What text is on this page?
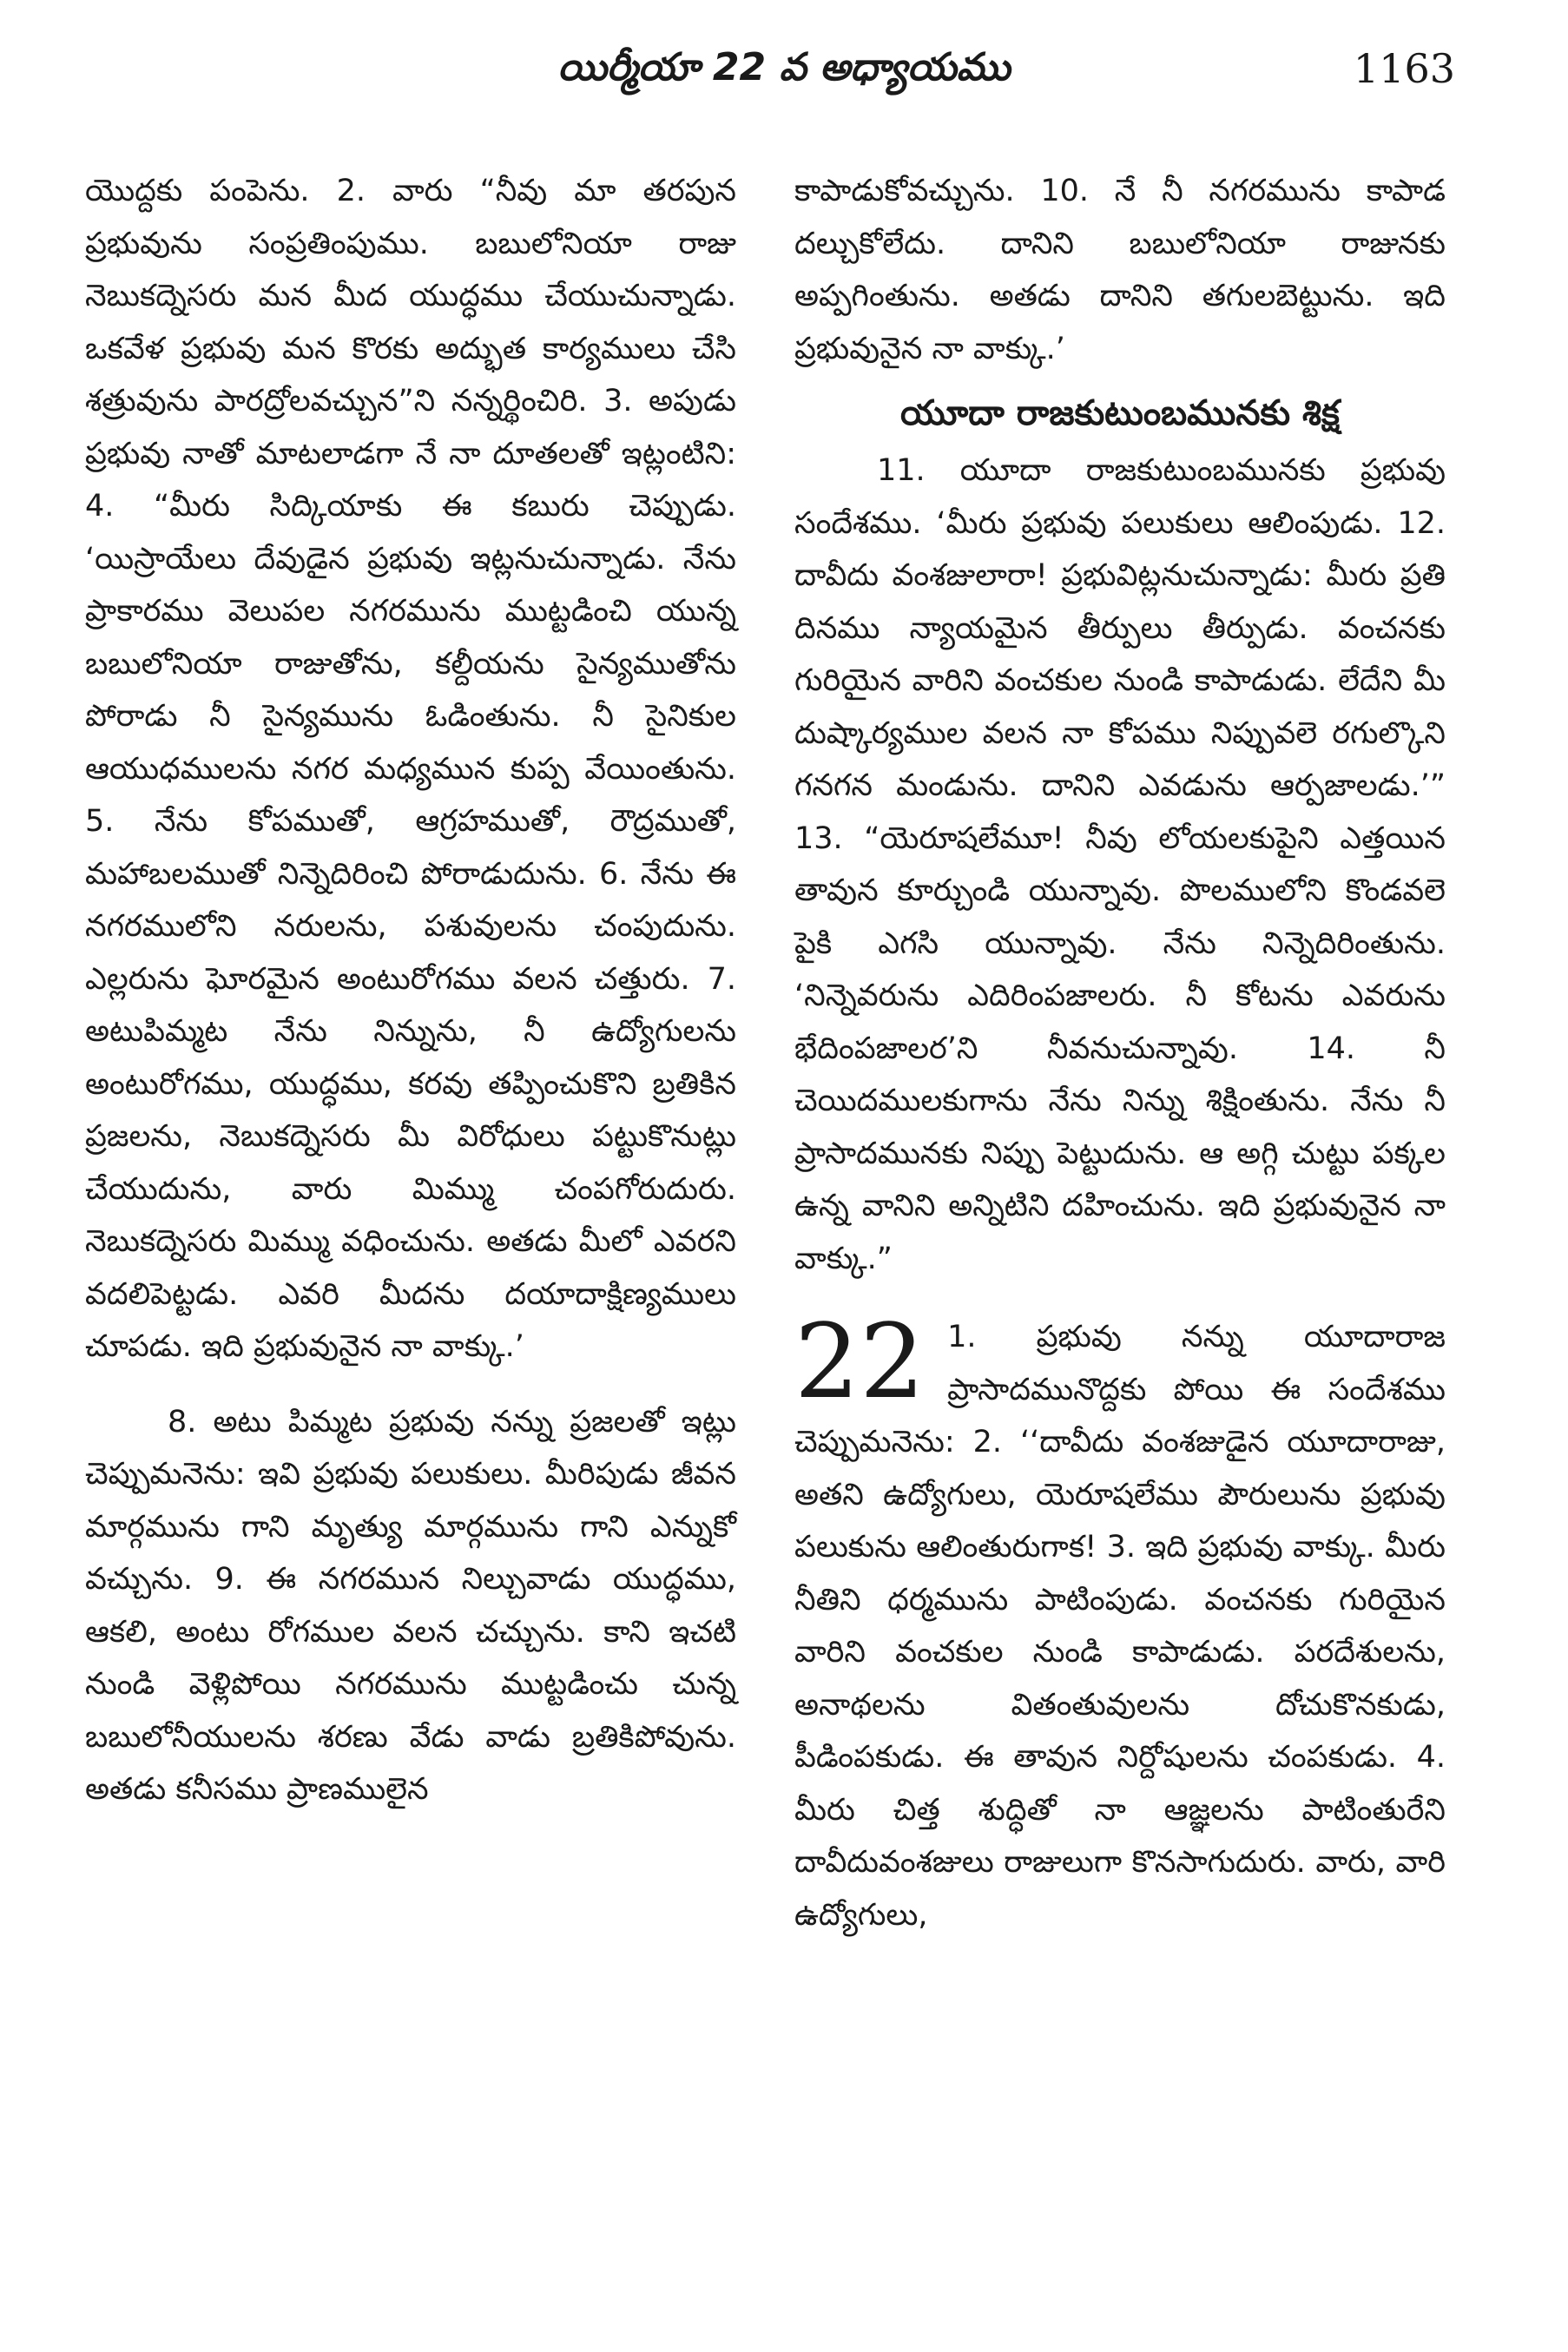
యిర్మీయా 22 వ అధ్యాయము	1163

యొద్దకు పంపెను. 2. వారు “నీవు మా తరపున ప్రభువును సంప్రతింపుము. బబులోనియా రాజు నెబుకద్నెసరు మన మీద యుద్ధము చేయుచున్నాడు. ఒకవేళ ప్రభువు మన కొరకు అద్భుత కార్యములు చేసి శత్రువును పారద్రోలవచ్చున”ని నన్నర్థించిరి. 3. అపుడు ప్రభువు నాతో మాటలాడగా నే నా దూతలతో ఇట్లంటిని: 4. “మీరు సిద్కియాకు ఈ కబురు చెప్పుడు. ‘యిస్రాయేలు దేవుడైన ప్రభువు ఇట్లనుచున్నాడు. నేను ప్రాకారము వెలుపల నగరమును ముట్టడించి యున్న బబులోనియా రాజుతోను, కల్దీయను సైన్యముతోను పోరాడు నీ సైన్యమును ఓడింతును. నీ సైనికుల ఆయుధములను నగర మధ్యమున కుప్ప వేయింతును. 5. నేను కోపముతో, ఆగ్రహముతో, రౌద్రముతో, మహాబలముతో నిన్నెదిరించి పోరాడుదును. 6. నేను ఈ నగరములోని నరులను, పశువులను చంపుదును. ఎల్లరును ఘోరమైన అంటురోగము వలన చత్తురు. 7. అటుపిమ్మట నేను నిన్నును, నీ ఉద్యోగులను అంటురోగము, యుద్ధము, కరవు తప్పించుకొని బ్రతికిన ప్రజలను, నెబుకద్నెసరు మీ విరోధులు పట్టుకొనుట్లు చేయుదును, వారు మిమ్ము చంపగోరుదురు. నెబుకద్నెసరు మిమ్ము వధించును. అతడు మీలో ఎవరని వదలిపెట్టడు. ఎవరి మీదను దయాదాక్షిణ్యములు చూపడు. ఇది ప్రభువునైన నా వాక్కు.’

8. అటు పిమ్మట ప్రభువు నన్ను ప్రజలతో ఇట్లు చెప్పుమనెను: ఇవి ప్రభువు పలుకులు. మీరిపుడు జీవన మార్గమును గాని మృత్యు మార్గమును గాని ఎన్నుకో వచ్చును. 9. ఈ నగరమున నిల్చువాడు యుద్ధము, ఆకలి, అంటు రోగముల వలన చచ్చును. కాని ఇచటి నుండి వెళ్లిపోయి నగరమును ముట్టడించు చున్న బబులోనీయులను శరణు వేడు వాడు బ్రతికిపోవును. అతడు కనీసము ప్రాణములైన

కాపాడుకోవచ్చును. 10. నే నీ నగరమును కాపాడ దల్చుకోలేదు. దానిని బబులోనియా రాజునకు అప్పగింతును. అతడు దానిని తగులబెట్టును. ఇది ప్రభువునైన నా వాక్కు.’

యూదా రాజకుటుంబమునకు శిక్ష

11. యూదా రాజకుటుంబమునకు ప్రభువు సందేశము. ‘మీరు ప్రభువు పలుకులు ఆలింపుడు. 12. దావీదు వంశజులారా! ప్రభువిట్లనుచున్నాడు: మీరు ప్రతి దినము న్యాయమైన తీర్పులు తీర్పుడు. వంచనకు గురియైన వారిని వంచకుల నుండి కాపాడుడు. లేదేని మీ దుష్కార్యముల వలన నా కోపము నిప్పువలె రగుల్కొని గనగన మండును. దానిని ఎవడును ఆర్పజాలడు.’” 13. “యెరూషలేమూ! నీవు లోయలకుపైని ఎత్తయిన తావున కూర్చుండి యున్నావు. పొలములోని కొండవలె పైకి ఎగసి యున్నావు. నేను నిన్నెదిరింతును. ‘నిన్నెవరును ఎదిరింపజాలరు. నీ కోటను ఎవరును భేదింపజాలర’ని నీవనుచున్నావు. 14. నీ చెయిదములకుగాను నేను నిన్ను శిక్షింతును. నేను నీ ప్రాసాదమునకు నిప్పు పెట్టుదును. ఆ అగ్గి చుట్టు పక్కల ఉన్న వానిని అన్నిటిని దహించును. ఇది ప్రభువునైన నా వాక్కు.”

22 1. ప్రభువు నన్ను యూదారాజ ప్రాసాదమునొద్దకు పోయి ఈ సందేశము చెప్పుమనెను: 2. ‘‘దావీదు వంశజుడైన యూదారాజు, అతని ఉద్యోగులు, యెరూషలేము పౌరులును ప్రభువు పలుకును ఆలింతురుగాక! 3. ఇది ప్రభువు వాక్కు. మీరు నీతిని ధర్మమును పాటింపుడు. వంచనకు గురియైన వారిని వంచకుల నుండి కాపాడుడు. పరదేశులను, అనాథలను వితంతువులను దోచుకొనకుడు, పీడింపకుడు. ఈ తావున నిర్దోషులను చంపకుడు. 4. మీరు చిత్త శుద్ధితో నా ఆజ్ఞలను పాటింతురేని దావీదువంశజులు రాజులుగా కొనసాగుదురు. వారు, వారి ఉద్యోగులు,
